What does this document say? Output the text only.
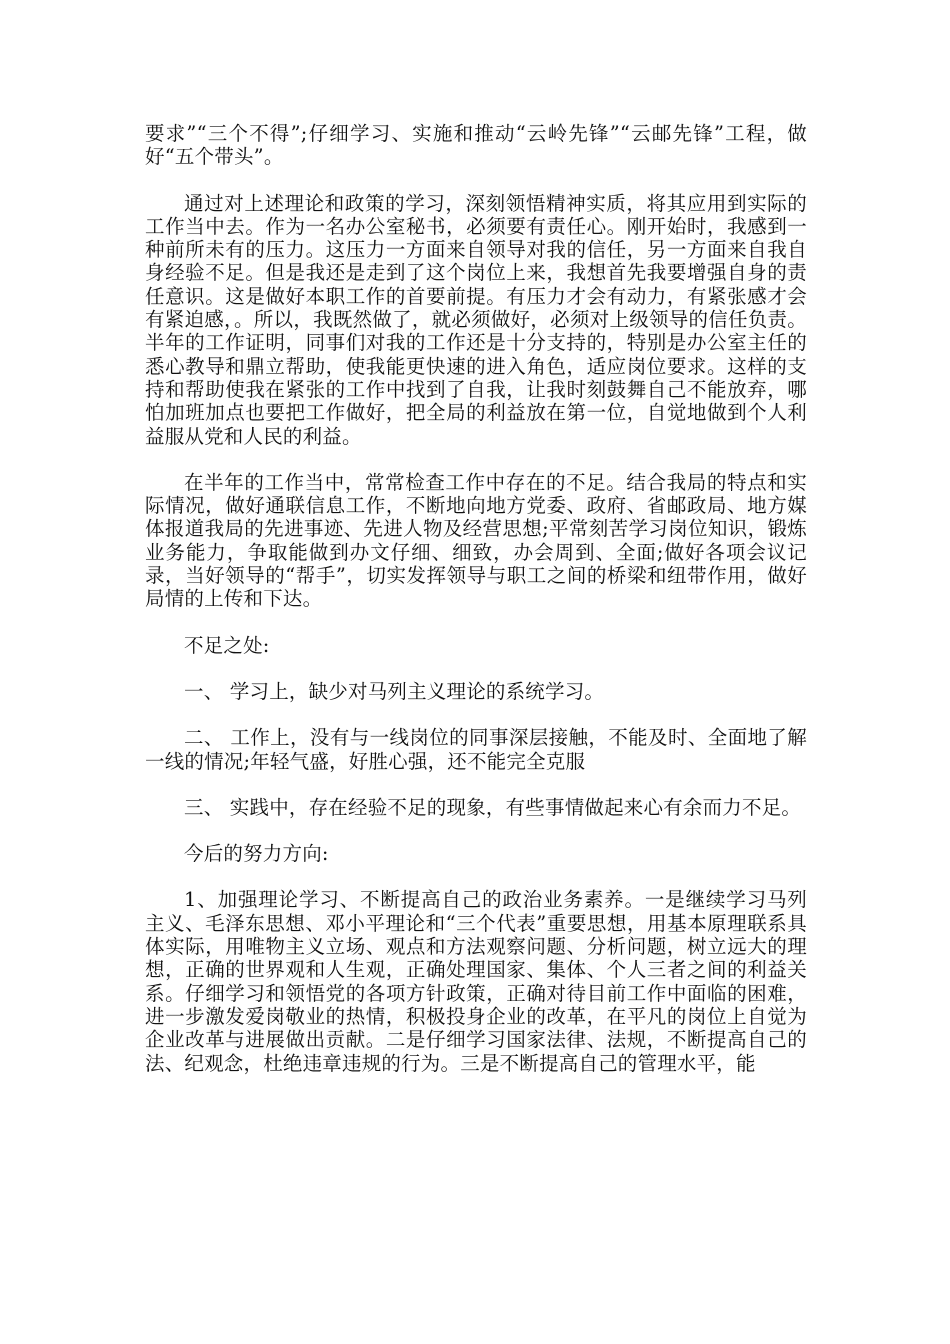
要求”“三个不得”;仔细学习、实施和推动“云岭先锋”“云邮先锋”工程，做好“五个带头”。

通过对上述理论和政策的学习，深刻领悟精神实质，将其应用到实际的工作当中去。作为一名办公室秘书，必须要有责任心。刚开始时，我感到一种前所未有的压力。这压力一方面来自领导对我的信任，另一方面来自我自身经验不足。但是我还是走到了这个岗位上来，我想首先我要增强自身的责任意识。这是做好本职工作的首要前提。有压力才会有动力，有紧张感才会有紧迫感，。所以，我既然做了，就必须做好，必须对上级领导的信任负责。半年的工作证明，同事们对我的工作还是十分支持的，特别是办公室主任的悉心教导和鼎立帮助，使我能更快速的进入角色，适应岗位要求。这样的支持和帮助使我在紧张的工作中找到了自我，让我时刻鼓舞自己不能放弃，哪怕加班加点也要把工作做好，把全局的利益放在第一位，自觉地做到个人利益服从党和人民的利益。

在半年的工作当中，常常检查工作中存在的不足。结合我局的特点和实际情况，做好通联信息工作，不断地向地方党委、政府、省邮政局、地方媒体报道我局的先进事迹、先进人物及经营思想;平常刻苦学习岗位知识，锻炼业务能力，争取能做到办文仔细、细致，办会周到、全面;做好各项会议记录，当好领导的“帮手”，切实发挥领导与职工之间的桥梁和纽带作用，做好局情的上传和下达。

不足之处:

一、 学习上，缺少对马列主义理论的系统学习。

二、 工作上，没有与一线岗位的同事深层接触，不能及时、全面地了解一线的情况;年轻气盛，好胜心强，还不能完全克服

三、 实践中，存在经验不足的现象，有些事情做起来心有余而力不足。

今后的努力方向:

1、加强理论学习、不断提高自己的政治业务素养。一是继续学习马列主义、毛泽东思想、邓小平理论和“三个代表”重要思想，用基本原理联系具体实际，用唯物主义立场、观点和方法观察问题、分析问题，树立远大的理想，正确的世界观和人生观，正确处理国家、集体、个人三者之间的利益关系。仔细学习和领悟党的各项方针政策，正确对待目前工作中面临的困难，进一步激发爱岗敬业的热情，积极投身企业的改革，在平凡的岗位上自觉为企业改革与进展做出贡献。二是仔细学习国家法律、法规，不断提高自己的法、纪观念，杜绝违章违规的行为。三是不断提高自己的管理水平，能
